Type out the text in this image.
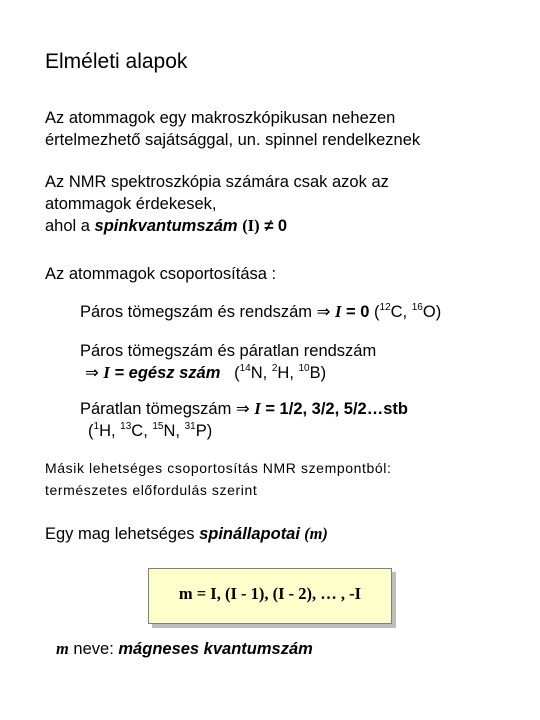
Elméleti alapok
Az atommagok egy makroszkópikusan nehezen
értelmezhető sajátsággal, un. spinnel rendelkeznek
Az NMR spektroszkópia számára csak azok az
atommagok érdekesek,
ahol a spinkvantumszám (I) ≠ 0
Az atommagok csoportosítása :
Páros tömegszám és rendszám ⇒ I = 0 ($^{12}$C, $^{16}$O)
Páros tömegszám és páratlan rendszám
⇒ I = egész szám   ($^{14}$N, $^2$H, $^{10}$B)
Páratlan tömegszám ⇒ I = 1/2, 3/2, 5/2…stb
($^1$H, $^{13}$C, $^{15}$N, $^{31}$P)
Másik lehetséges csoportosítás NMR szempontból:
természetes előfordulás szerint
Egy mag lehetséges spinállapotai (m)
m = I, (I - 1), (I - 2), … , -I
m neve: mágneses kvantumszám
